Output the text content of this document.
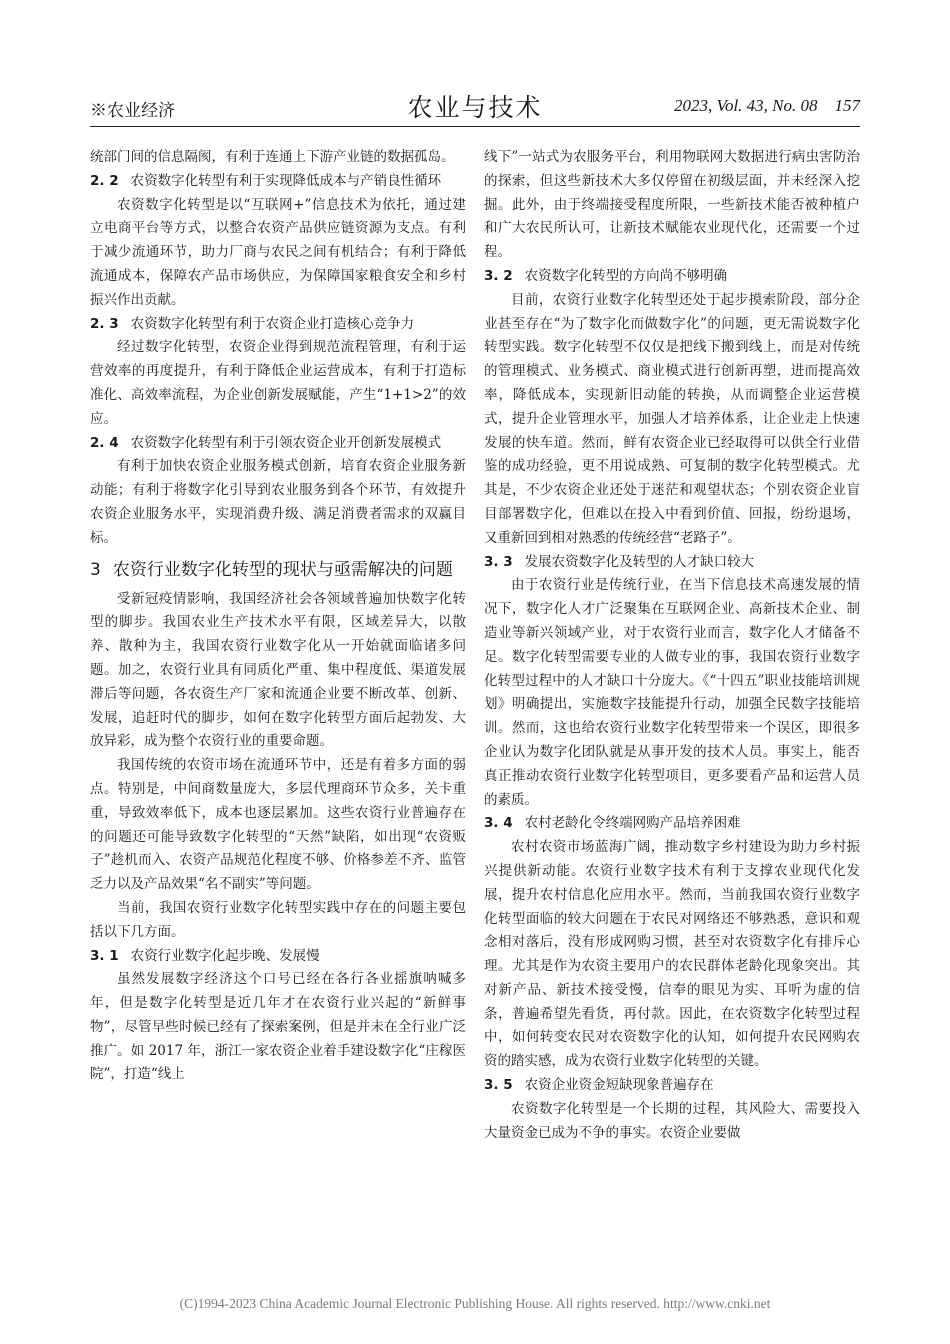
※农业经济	农业与技术	2023, Vol. 43, No. 08 157

统部门间的信息隔阂，有利于连通上下游产业链的数据孤岛。

2. 2 农资数字化转型有利于实现降低成本与产销良性循环

农资数字化转型是以“互联网+”信息技术为依托，通过建立电商平台等方式，以整合农资产品供应链资源为支点。有利于减少流通环节，助力厂商与农民之间有机结合；有利于降低流通成本，保障农产品市场供应，为保障国家粮食安全和乡村振兴作出贡献。

2. 3 农资数字化转型有利于农资企业打造核心竞争力

经过数字化转型，农资企业得到规范流程管理，有利于运营效率的再度提升，有利于降低企业运营成本，有利于打造标准化、高效率流程，为企业创新发展赋能，产生“1+1>2”的效应。

2. 4 农资数字化转型有利于引领农资企业开创新发展模式

有利于加快农资企业服务模式创新，培育农资企业服务新动能；有利于将数字化引导到农业服务到各个环节，有效提升农资企业服务水平，实现消费升级、满足消费者需求的双赢目标。

3 农资行业数字化转型的现状与亟需解决的问题

受新冠疫情影响，我国经济社会各领域普遍加快数字化转型的脚步。我国农业生产技术水平有限，区域差异大，以散养、散种为主，我国农资行业数字化从一开始就面临诸多问题。加之，农资行业具有同质化严重、集中程度低、渠道发展滞后等问题，各农资生产厂家和流通企业要不断改革、创新、发展，追赶时代的脚步，如何在数字化转型方面后起勃发、大放异彩，成为整个农资行业的重要命题。

我国传统的农资市场在流通环节中，还是有着多方面的弱点。特别是，中间商数量庞大，多层代理商环节众多，关卡重重，导致效率低下，成本也逐层累加。这些农资行业普遍存在的问题还可能导致数字化转型的“天然”缺陷，如出现“农资贩子”趁机而入、农资产品规范化程度不够、价格参差不齐、监管乏力以及产品效果“名不副实”等问题。

当前，我国农资行业数字化转型实践中存在的问题主要包括以下几方面。

3. 1 农资行业数字化起步晚、发展慢

虽然发展数字经济这个口号已经在各行各业摇旗呐喊多年，但是数字化转型是近几年才在农资行业兴起的“新鲜事物”，尽管早些时候已经有了探索案例，但是并未在全行业广泛推广。如 2017 年，浙江一家农资企业着手建设数字化“庄稼医院”，打造“线上

线下”一站式为农服务平台，利用物联网大数据进行病虫害防治的探索，但这些新技术大多仅停留在初级层面，并未经深入挖掘。此外，由于终端接受程度所限，一些新技术能否被种植户和广大农民所认可，让新技术赋能农业现代化，还需要一个过程。

3. 2 农资数字化转型的方向尚不够明确

目前，农资行业数字化转型还处于起步摸索阶段，部分企业甚至存在“为了数字化而做数字化”的问题，更无需说数字化转型实践。数字化转型不仅仅是把线下搬到线上，而是对传统的管理模式、业务模式、商业模式进行创新再塑，进而提高效率，降低成本，实现新旧动能的转换，从而调整企业运营模式，提升企业管理水平，加强人才培养体系，让企业走上快速发展的快车道。然而，鲜有农资企业已经取得可以供全行业借鉴的成功经验，更不用说成熟、可复制的数字化转型模式。尤其是，不少农资企业还处于迷茫和观望状态；个别农资企业盲目部署数字化，但难以在投入中看到价值、回报，纷纷退场，又重新回到相对熟悉的传统经营“老路子”。

3. 3 发展农资数字化及转型的人才缺口较大

由于农资行业是传统行业，在当下信息技术高速发展的情况下，数字化人才广泛聚集在互联网企业、高新技术企业、制造业等新兴领域产业，对于农资行业而言，数字化人才储备不足。数字化转型需要专业的人做专业的事，我国农资行业数字化转型过程中的人才缺口十分庞大。《“十四五”职业技能培训规划》明确提出，实施数字技能提升行动，加强全民数字技能培训。然而，这也给农资行业数字化转型带来一个误区，即很多企业认为数字化团队就是从事开发的技术人员。事实上，能否真正推动农资行业数字化转型项目，更多要看产品和运营人员的素质。

3. 4 农村老龄化令终端网购产品培养困难

农村农资市场蓝海广阔，推动数字乡村建设为助力乡村振兴提供新动能。农资行业数字技术有利于支撑农业现代化发展，提升农村信息化应用水平。然而，当前我国农资行业数字化转型面临的较大问题在于农民对网络还不够熟悉，意识和观念相对落后，没有形成网购习惯，甚至对农资数字化有排斥心理。尤其是作为农资主要用户的农民群体老龄化现象突出。其对新产品、新技术接受慢，信奉的眼见为实、耳听为虚的信条，普遍希望先看货，再付款。因此，在农资数字化转型过程中，如何转变农民对农资数字化的认知，如何提升农民网购农资的踏实感，成为农资行业数字化转型的关键。

3. 5 农资企业资金短缺现象普遍存在

农资数字化转型是一个长期的过程，其风险大、需要投入大量资金已成为不争的事实。农资企业要做

(C)1994-2023 China Academic Journal Electronic Publishing House. All rights reserved. http://www.cnki.net
